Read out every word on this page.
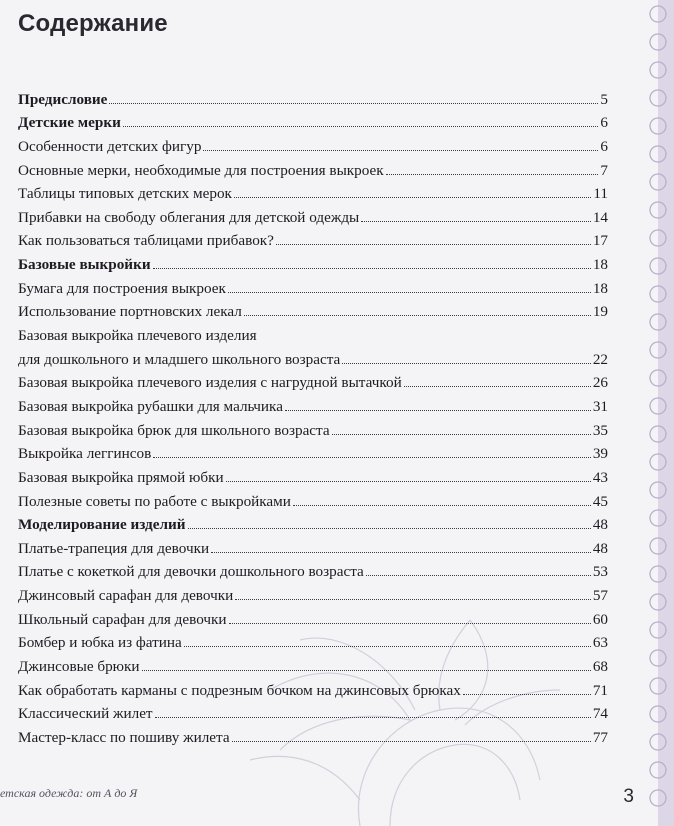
Содержание
Предисловие	5
Детские мерки	6
Особенности детских фигур	6
Основные мерки, необходимые для построения выкроек	7
Таблицы типовых детских мерок	11
Прибавки на свободу облегания для детской одежды	14
Как пользоваться таблицами прибавок?	17
Базовые выкройки	18
Бумага для построения выкроек	18
Использование портновских лекал	19
Базовая выкройка плечевого изделия
для дошкольного и младшего школьного возраста	22
Базовая выкройка плечевого изделия с нагрудной вытачкой	26
Базовая выкройка рубашки для мальчика	31
Базовая выкройка брюк для школьного возраста	35
Выкройка леггинсов	39
Базовая выкройка прямой юбки	43
Полезные советы по работе с выкройками	45
Моделирование изделий	48
Платье-трапеция для девочки	48
Платье с кокеткой для девочки дошкольного возраста	53
Джинсовый сарафан для девочки	57
Школьный сарафан для девочки	60
Бомбер и юбка из фатина	63
Джинсовые брюки	68
Как обработать карманы с подрезным бочком на джинсовых брюках	71
Классический жилет	74
Мастер-класс по пошиву жилета	77
етская одежда: от А до Я	3
